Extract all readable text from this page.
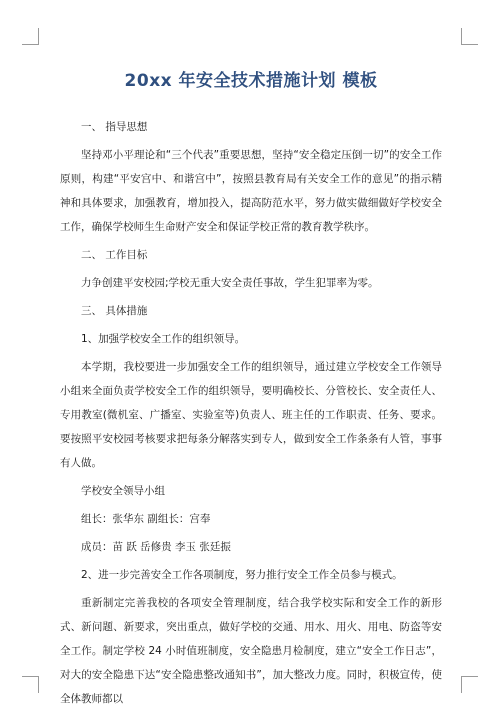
20xx 年安全技术措施计划 模板

一、 指导思想

坚持邓小平理论和“三个代表”重要思想，坚持“安全稳定压倒一切”的安全工作原则，构建“平安宫中、和谐宫中”，按照县教育局有关安全工作的意见”的指示精神和具体要求，加强教育，增加投入，提高防范水平，努力做实做细做好学校安全工作，确保学校师生生命财产安全和保证学校正常的教育教学秩序。

二、 工作目标

力争创建平安校园;学校无重大安全责任事故，学生犯罪率为零。

三、 具体措施

1、加强学校安全工作的组织领导。

本学期，我校要进一步加强安全工作的组织领导，通过建立学校安全工作领导小组来全面负责学校安全工作的组织领导，要明确校长、分管校长、安全责任人、专用教室(微机室、广播室、实验室等)负责人、班主任的工作职责、任务、要求。要按照平安校园考核要求把每条分解落实到专人，做到安全工作条条有人管，事事有人做。

学校安全领导小组

组长：张华东 副组长：宫奉

成员：苗 跃 岳修贵 李玉 张廷振

2、进一步完善安全工作各项制度，努力推行安全工作全员参与模式。

重新制定完善我校的各项安全管理制度，结合我学校实际和安全工作的新形式、新问题、新要求，突出重点，做好学校的交通、用水、用火、用电、防盗等安全工作。制定学校 24 小时值班制度，安全隐患月检制度，建立“安全工作日志”，对大的安全隐患下达“安全隐患整改通知书”，加大整改力度。同时，积极宣传，使全体教师都以
